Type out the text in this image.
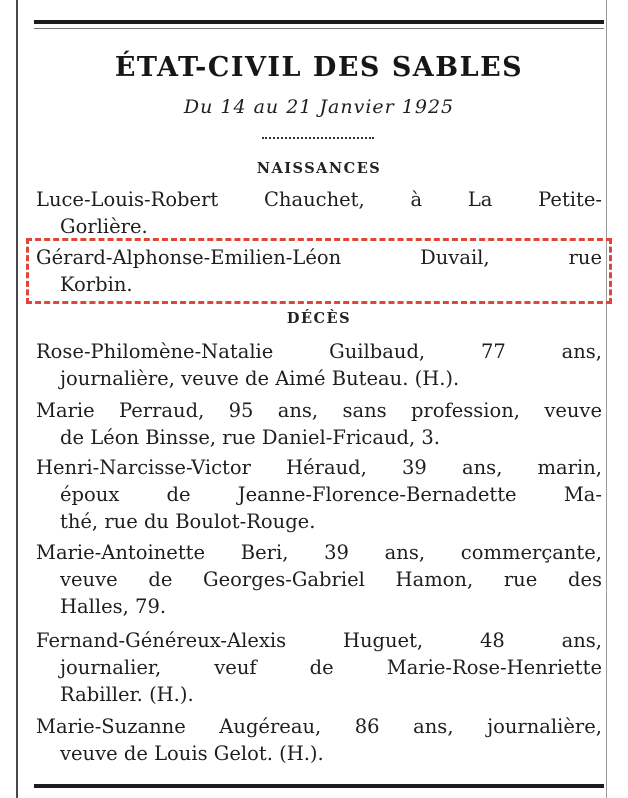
ÉTAT-CIVIL DES SABLES
Du 14 au 21 Janvier 1925
NAISSANCES
Luce-Louis-Robert Chauchet, à La Petite-
Gorlière.
Gérard-Alphonse-Emilien-Léon Duvail, rue
Korbin.
DÉCÈS
Rose-Philomène-Natalie Guilbaud, 77 ans,
journalière, veuve de Aimé Buteau. (H.).
Marie Perraud, 95 ans, sans profession, veuve
de Léon Binsse, rue Daniel-Fricaud, 3.
Henri-Narcisse-Victor Héraud, 39 ans, marin,
époux de Jeanne-Florence-Bernadette Ma-
thé, rue du Boulot-Rouge.
Marie-Antoinette Beri, 39 ans, commerçante,
veuve de Georges-Gabriel Hamon, rue des
Halles, 79.
Fernand-Généreux-Alexis Huguet, 48 ans,
journalier, veuf de Marie-Rose-Henriette
Rabiller. (H.).
Marie-Suzanne Augéreau, 86 ans, journalière,
veuve de Louis Gelot. (H.).
